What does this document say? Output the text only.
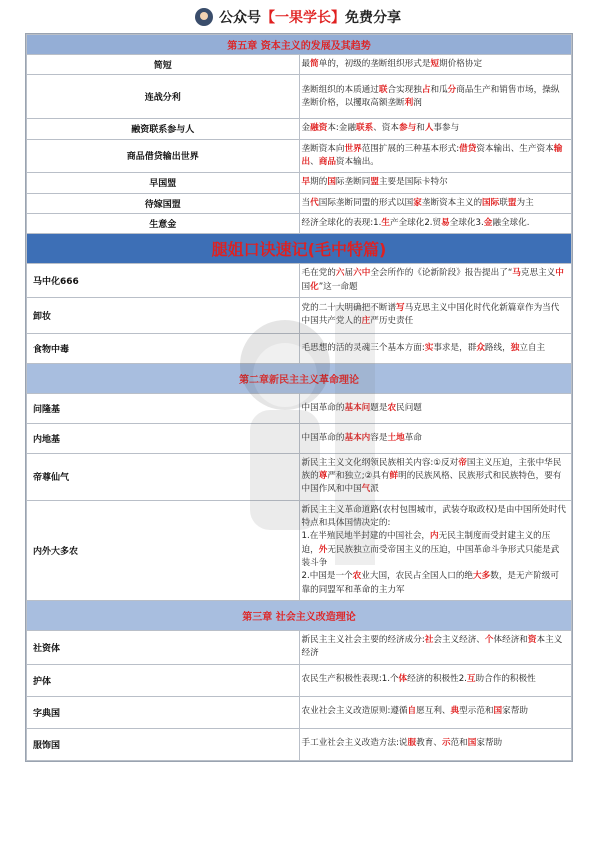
公众号 【一果学长】 免费分享
第五章 资本主义的发展及其趋势	
简短	最简单的，初级的垄断组织形式是短期价格协定
连战分利	垄断组织的本质通过联合实现独占和瓜分商品生产和销售市场，操纵垄断价格，以攫取高额垄断利润
融资联系参与人	金融资本:金融联系、资本参与和人事参与
商品借贷输出世界	垄断资本向世界范围扩展的三种基本形式:借贷资本输出、生产资本输出、商品资本输出。
早国盟	早期的国际垄断同盟主要是国际卡特尔
待嫁国盟	当代国际垄断同盟的形式以国家垄断资本主义的国际联盟为主
生意金	经济全球化的表现:1.生产全球化2.贸易全球化3.金融全球化.
腿姐口诀速记(毛中特篇)	
马中化666	毛在党的六届六中全会所作的《论新阶段》报告提出了“马克思主义中国化”这一命题
卸妆	党的二十大明确把不断谱写马克思主义中国化时代化新篇章作为当代中国共产党人的庄严历史责任
食物中毒	毛思想的活的灵魂三个基本方面:实事求是，群众路线，独立自主
第二章新民主主义革命理论	
问隆基	中国革命的基本问题是农民问题
内地基	中国革命的基本内容是土地革命
帝尊仙气	新民主主义文化纲领民族相关内容:①反对帝国主义压迫，主张中华民族的尊严和独立;②具有鲜明的民族风格、民族形式和民族特色，要有中国作风和中国气派
内外大多农	新民主主义革命道路(农村包围城市，武装夺取政权)是由中国所处时代特点和具体国情决定的:
1.在半殖民地半封建的中国社会，内无民主制度而受封建主义的压迫，外无民族独立而受帝国主义的压迫，中国革命斗争形式只能是武装斗争
2.中国是一个农业大国，农民占全国人口的绝大多数，是无产阶级可靠的同盟军和革命的主力军
第三章 社会主义改造理论	
社资体	新民主主义社会主要的经济成分:社会主义经济、个体经济和资本主义经济
护体	农民生产积极性表现:1.个体经济的积极性2.互助合作的积极性
字典国	农业社会主义改造原则:遵循自愿互利、典型示范和国家帮助
服饰国	手工业社会主义改造方法:说服教育、示范和国家帮助
